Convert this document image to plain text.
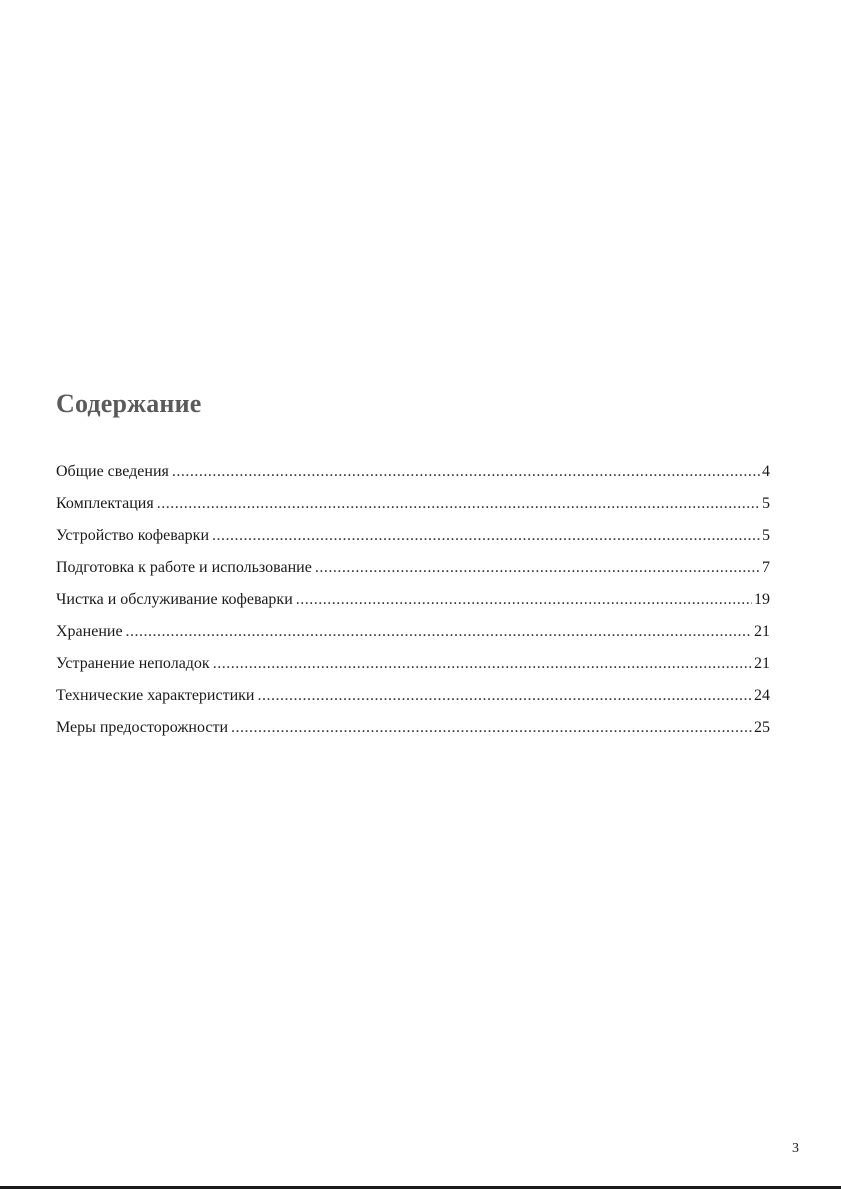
Содержание
Общие сведения .....	4
Комплектация .....	5
Устройство кофеварки .....	5
Подготовка к работе и использование .....	7
Чистка и обслуживание кофеварки .....	19
Хранение .....	21
Устранение неполадок .....	21
Технические характеристики .....	24
Меры предосторожности .....	25
3
